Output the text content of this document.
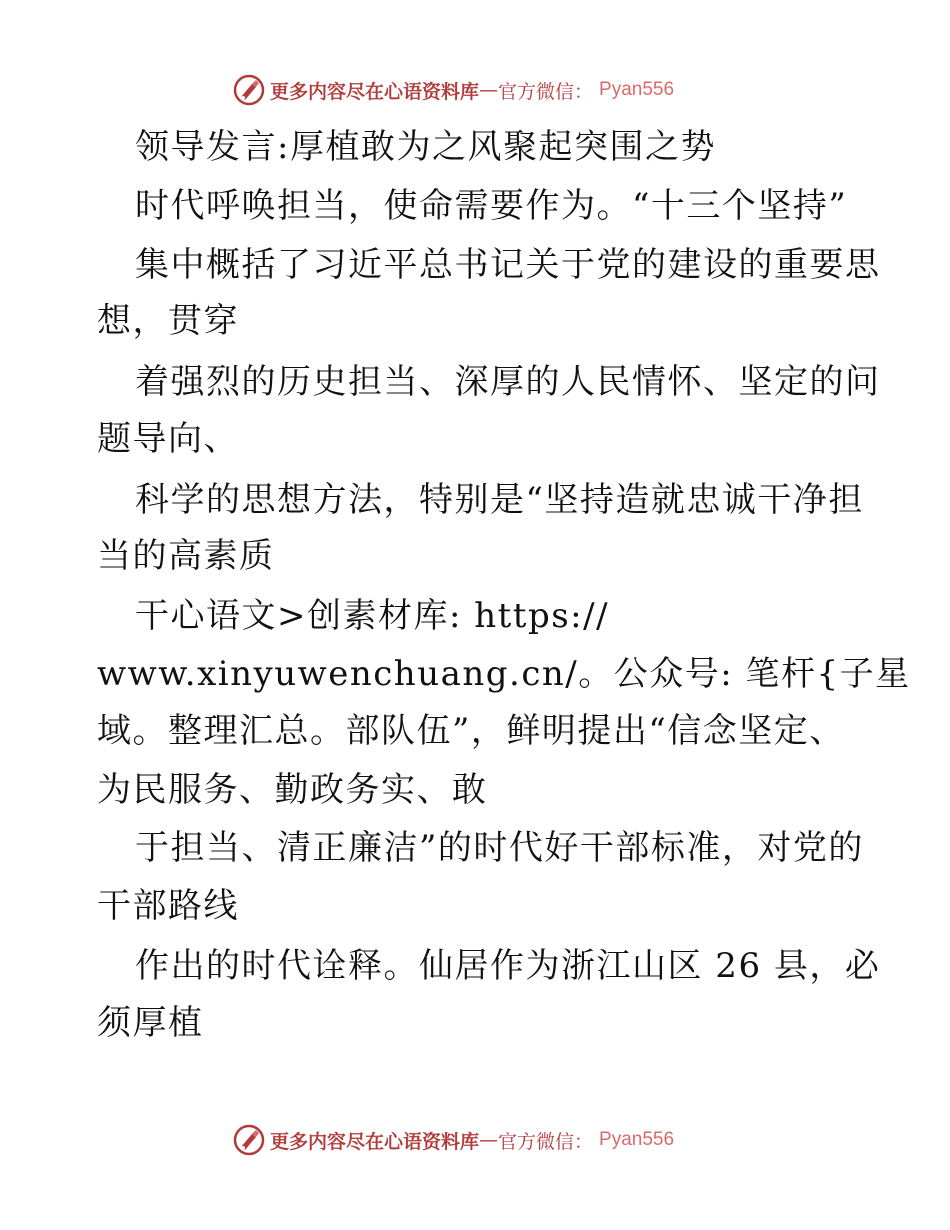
更多内容尽在心语资料库 — 官方微信： Pyan556
领导发言:厚植敢为之风聚起突围之势
时代呼唤担当，使命需要作为。“十三个坚持”
集中概括了习近平总书记关于党的建设的重要思
想，贯穿
着强烈的历史担当、深厚的人民情怀、坚定的问
题导向、
科学的思想方法，特别是“坚持造就忠诚干净担
当的高素质
干心语文>创素材库: https://
www.xinyuwenchuang.cn/。公众号: 笔杆{子星
域。整理汇总。部队伍”，鲜明提出“信念坚定、
为民服务、勤政务实、敢
于担当、清正廉洁”的时代好干部标准，对党的
干部路线
作出的时代诠释。仙居作为浙江山区 26 县，必
须厚植
更多内容尽在心语资料库 — 官方微信： Pyan556
